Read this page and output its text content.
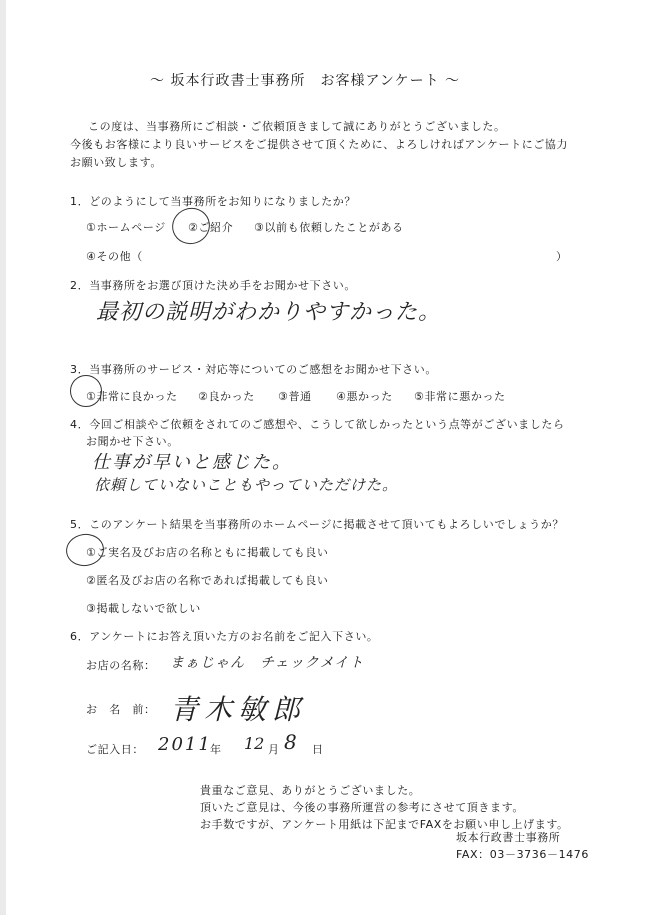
〜 坂本行政書士事務所　お客様アンケート 〜
この度は、当事務所にご相談・ご依頼頂きまして誠にありがとうございました。
今後もお客様により良いサービスをご提供させて頂くために、よろしければアンケートにご協力
お願い致します。
1．どのようにして当事務所をお知りになりましたか？
①ホームページ ②ご紹介 ③以前も依頼したことがある
④その他（	）
2．当事務所をお選び頂けた決め手をお聞かせ下さい。
最初の説明がわかりやすかった。
3．当事務所のサービス・対応等についてのご感想をお聞かせ下さい。
①非常に良かった ②良かった ③普通 ④悪かった ⑤非常に悪かった
4．今回ご相談やご依頼をされてのご感想や、こうして欲しかったという点等がございましたら
お聞かせ下さい。
仕事が早いと感じた。
依頼していないこともやっていただけた。
5．このアンケート結果を当事務所のホームページに掲載させて頂いてもよろしいでしょうか？
①ご実名及びお店の名称ともに掲載しても良い
②匿名及びお店の名称であれば掲載しても良い
③掲載しないで欲しい
6．アンケートにお答え頂いた方のお名前をご記入下さい。
お店の名称： まぁじゃん　チェックメイト
お　名　前： 青木敏郎
ご記入日： 2011
年 12 月 8 日
貴重なご意見、ありがとうございました。
頂いたご意見は、今後の事務所運営の参考にさせて頂きます。
お手数ですが、アンケート用紙は下記までFAXをお願い申し上げます。
坂本行政書士事務所
FAX：03－3736－1476
